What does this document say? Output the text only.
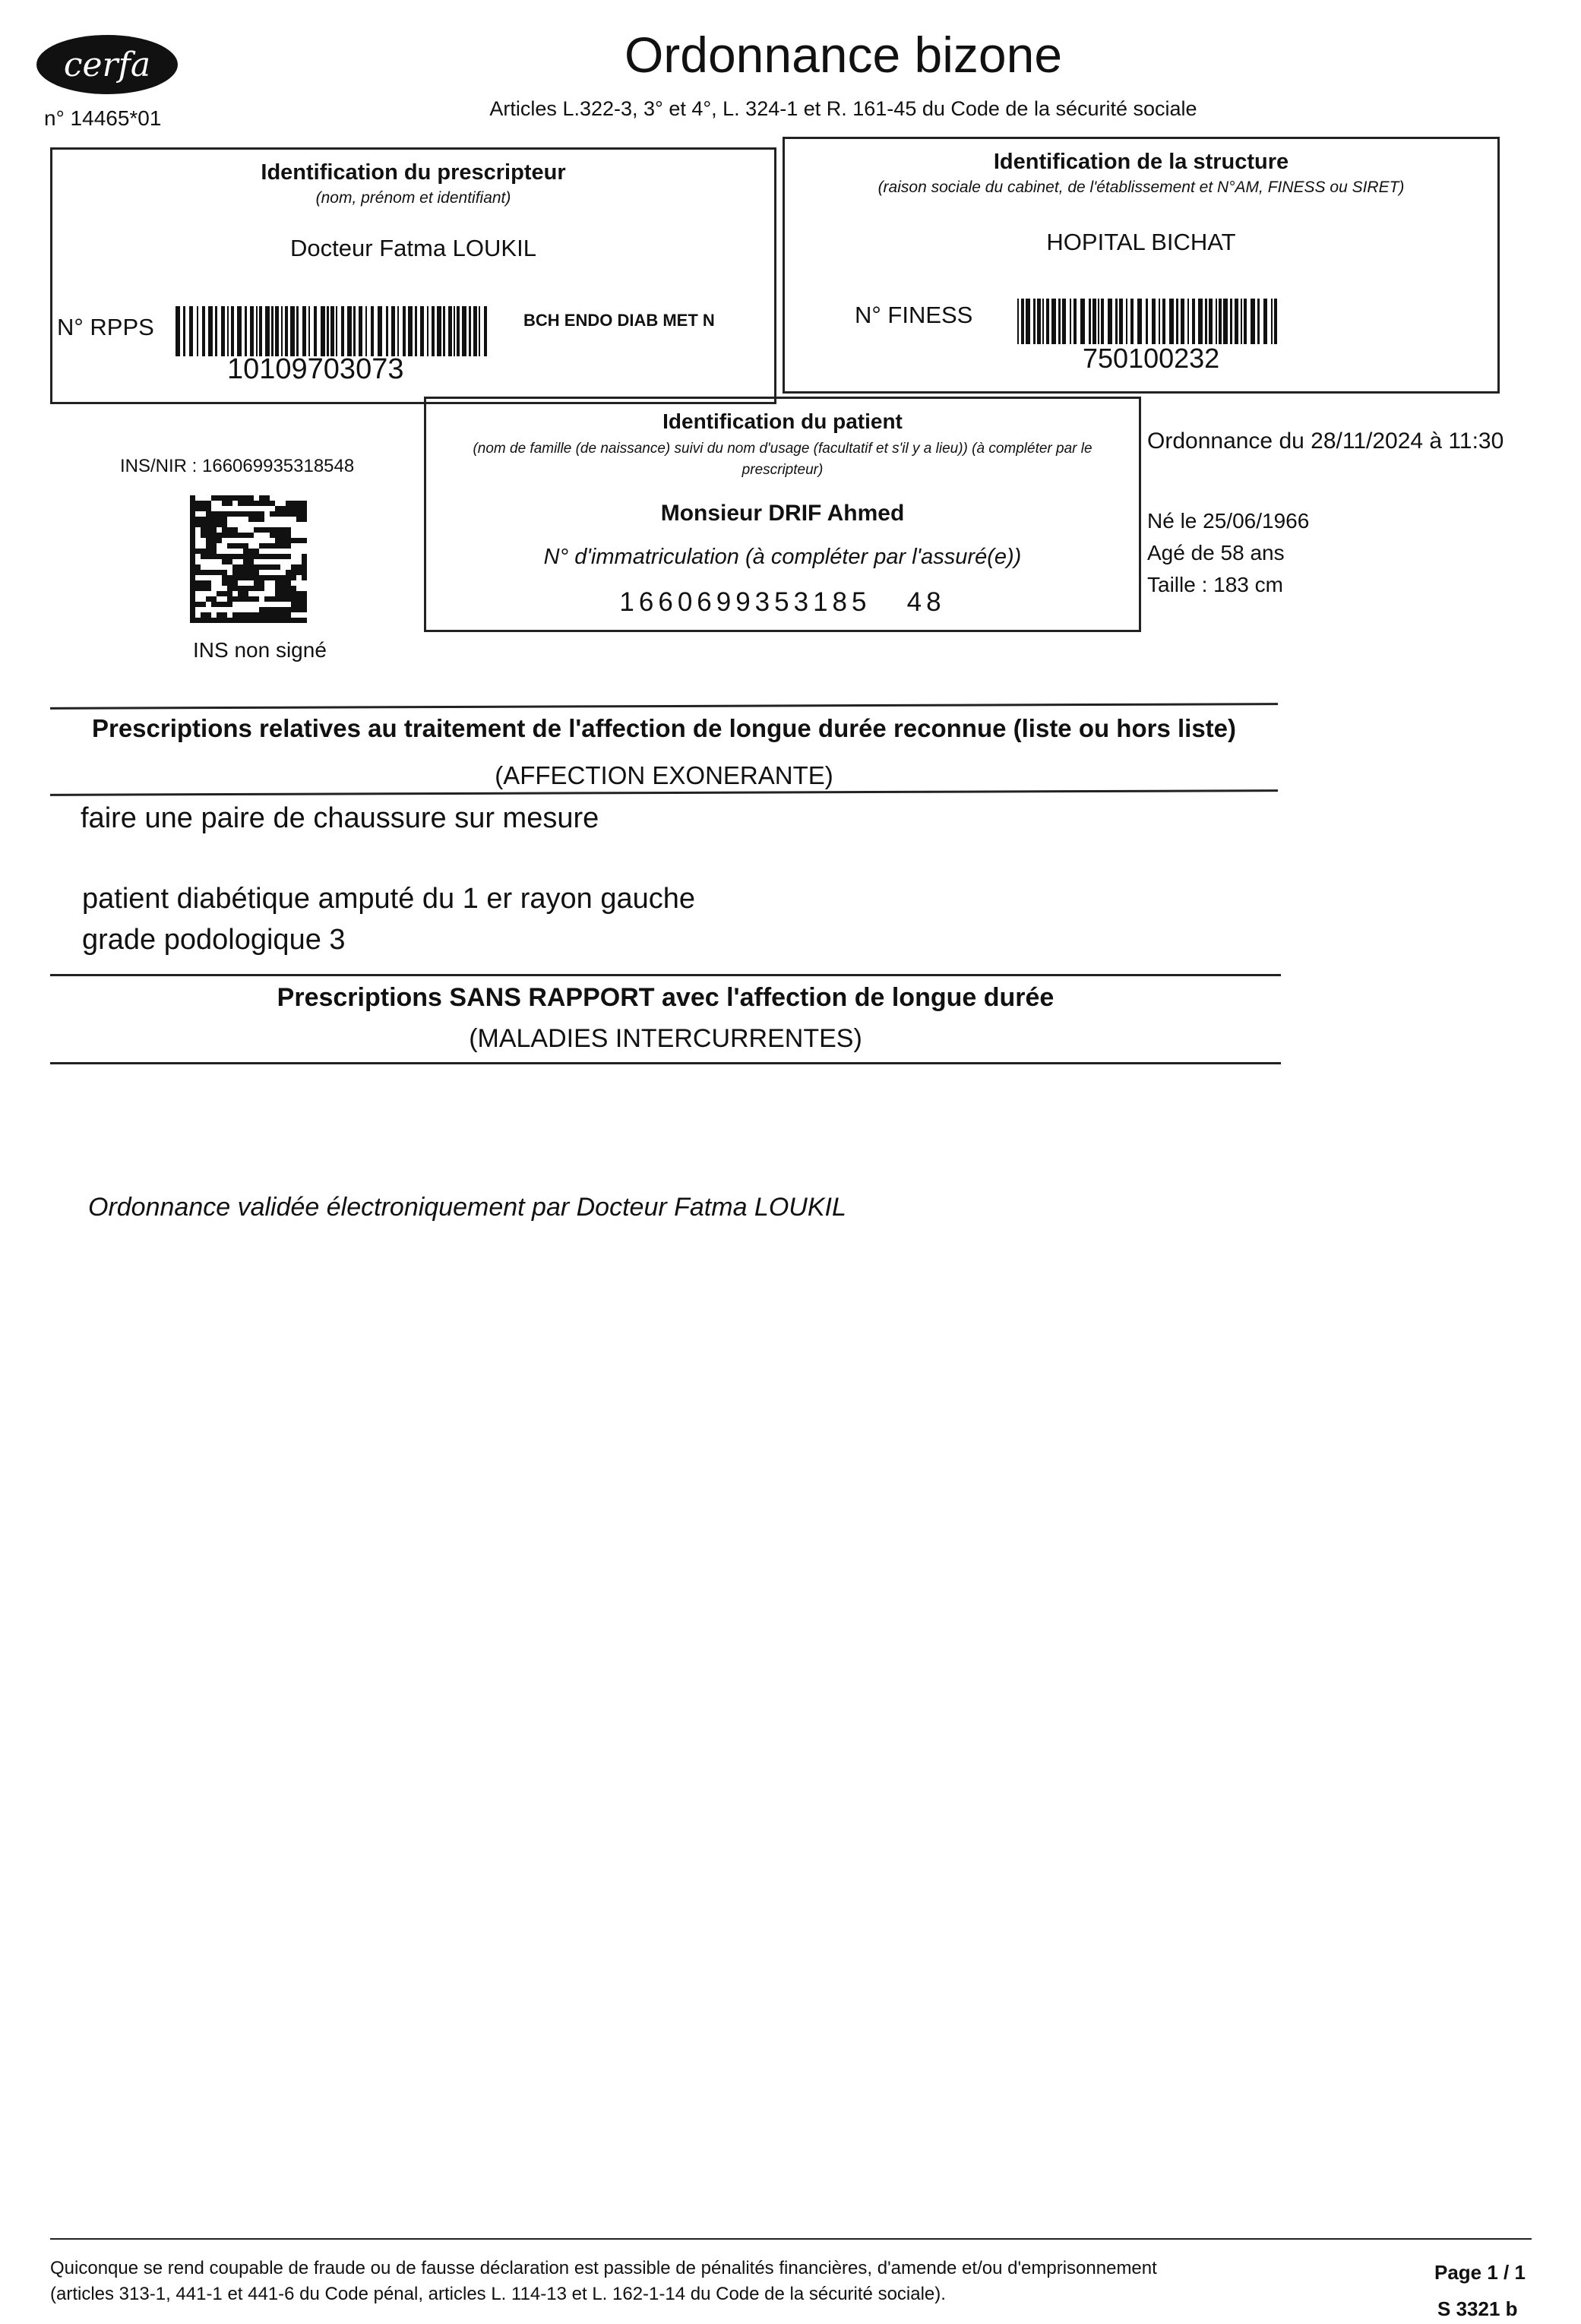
cerfa
n° 14465*01
Ordonnance bizone
Articles L.322-3, 3° et 4°, L. 324-1 et R. 161-45 du Code de la sécurité sociale
Identification du prescripteur
(nom, prénom et identifiant)
Docteur Fatma LOUKIL
N° RPPS
10109703073
BCH ENDO DIAB MET N
Identification de la structure
(raison sociale du cabinet, de l'établissement et N°AM, FINESS ou SIRET)
HOPITAL BICHAT
N° FINESS
750100232
INS/NIR : 166069935318548
INS non signé
Identification du patient
(nom de famille (de naissance) suivi du nom d'usage (facultatif et s'il y a lieu)) (à compléter par le prescripteur)
Monsieur DRIF Ahmed
N° d'immatriculation (à compléter par l'assuré(e))
1660699353185   48
Ordonnance du 28/11/2024 à 11:30
Né le 25/06/1966
Agé de 58 ans
Taille : 183 cm
Prescriptions relatives au traitement de l'affection de longue durée reconnue (liste ou hors liste)
(AFFECTION EXONERANTE)
faire une paire de chaussure sur mesure
patient diabétique amputé du 1 er rayon gauche
grade podologique 3
Prescriptions SANS RAPPORT avec l'affection de longue durée
(MALADIES INTERCURRENTES)
Ordonnance validée électroniquement par Docteur Fatma LOUKIL
Quiconque se rend coupable de fraude ou de fausse déclaration est passible de pénalités financières, d'amende et/ou d'emprisonnement
(articles 313-1, 441-1 et 441-6 du Code pénal, articles L. 114-13 et L. 162-1-14 du Code de la sécurité sociale).
Page 1 / 1
S 3321 b
